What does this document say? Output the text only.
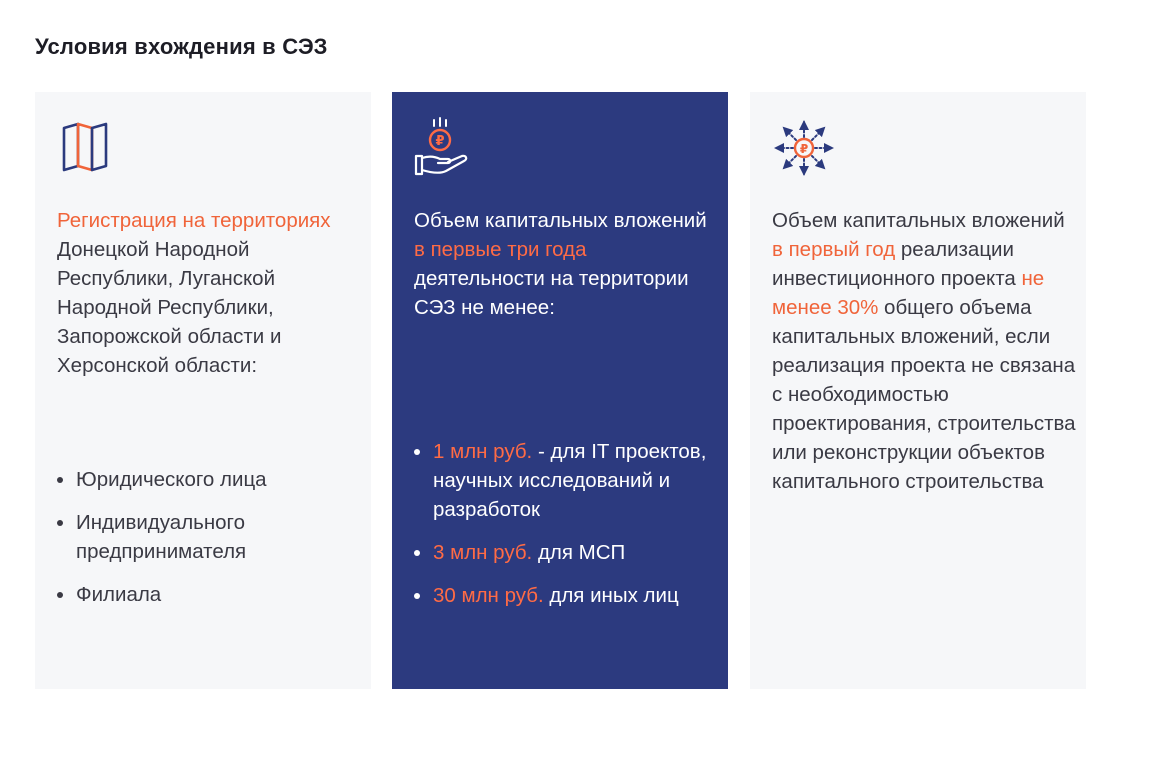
Условия вхождения в СЭЗ

Регистрация на территориях Донецкой Народной Республики, Луганской Народной Республики, Запорожской области и Херсонской области:

Юридического лица
Индивидуального предпринимателя
Филиала
₽

Объем капитальных вложений в первые три года деятельности на территории СЭЗ не менее:

1 млн руб. - для IT проектов, научных исследований и разработок
3 млн руб. для МСП
30 млн руб. для иных лиц
₽

Объем капитальных вложений в первый год реализации инвестиционного проекта не менее 30% общего объема капитальных вложений, если реализация проекта не связана с необходимостью проектирования, строительства или реконструкции объектов капитального строительства
